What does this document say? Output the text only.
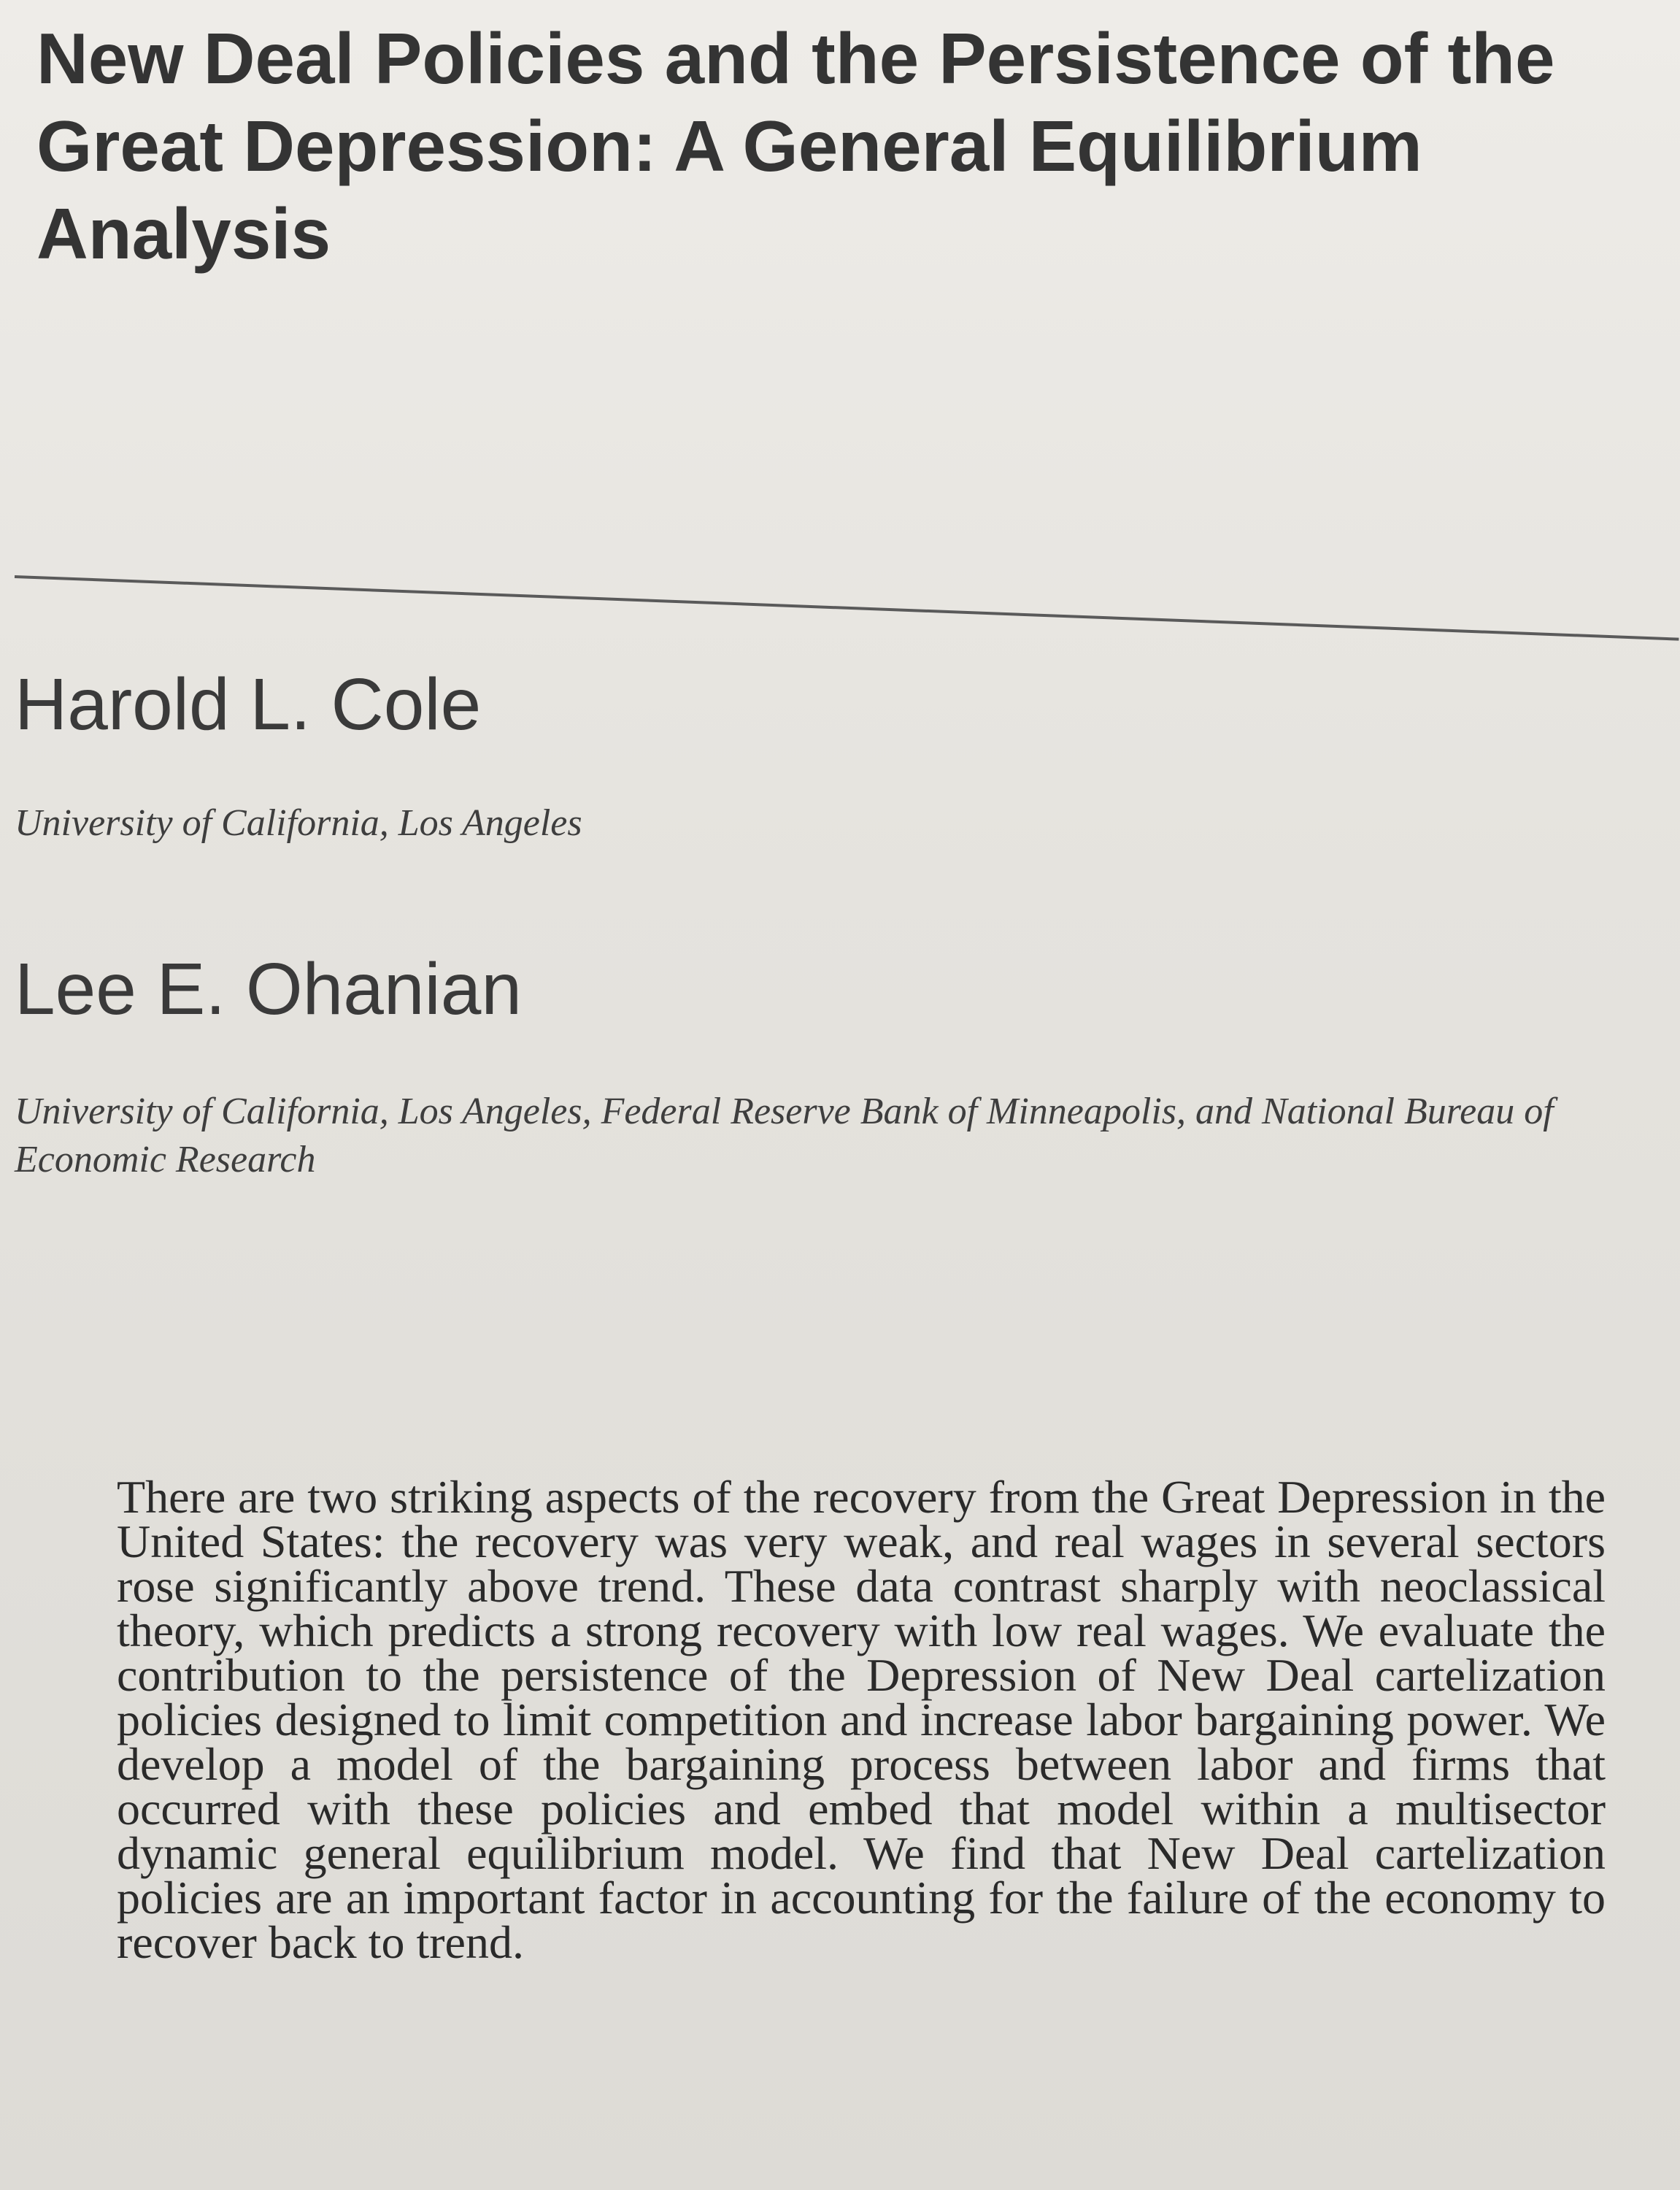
New Deal Policies and the Persistence of the
Great Depression: A General Equilibrium
Analysis

Harold L. Cole

University of California, Los Angeles

Lee E. Ohanian

University of California, Los Angeles, Federal Reserve Bank of Minneapolis, and National Bureau of Economic Research

There are two striking aspects of the recovery from the Great Depression in the United States: the recovery was very weak, and real wages in several sectors rose significantly above trend. These data contrast sharply with neoclassical theory, which predicts a strong recovery with low real wages. We evaluate the contribution to the persistence of the Depression of New Deal cartelization policies designed to limit competition and increase labor bargaining power. We develop a model of the bargaining process between labor and firms that occurred with these policies and embed that model within a multisector dynamic general equilibrium model. We find that New Deal cartelization policies are an important factor in accounting for the failure of the economy to recover back to trend.
